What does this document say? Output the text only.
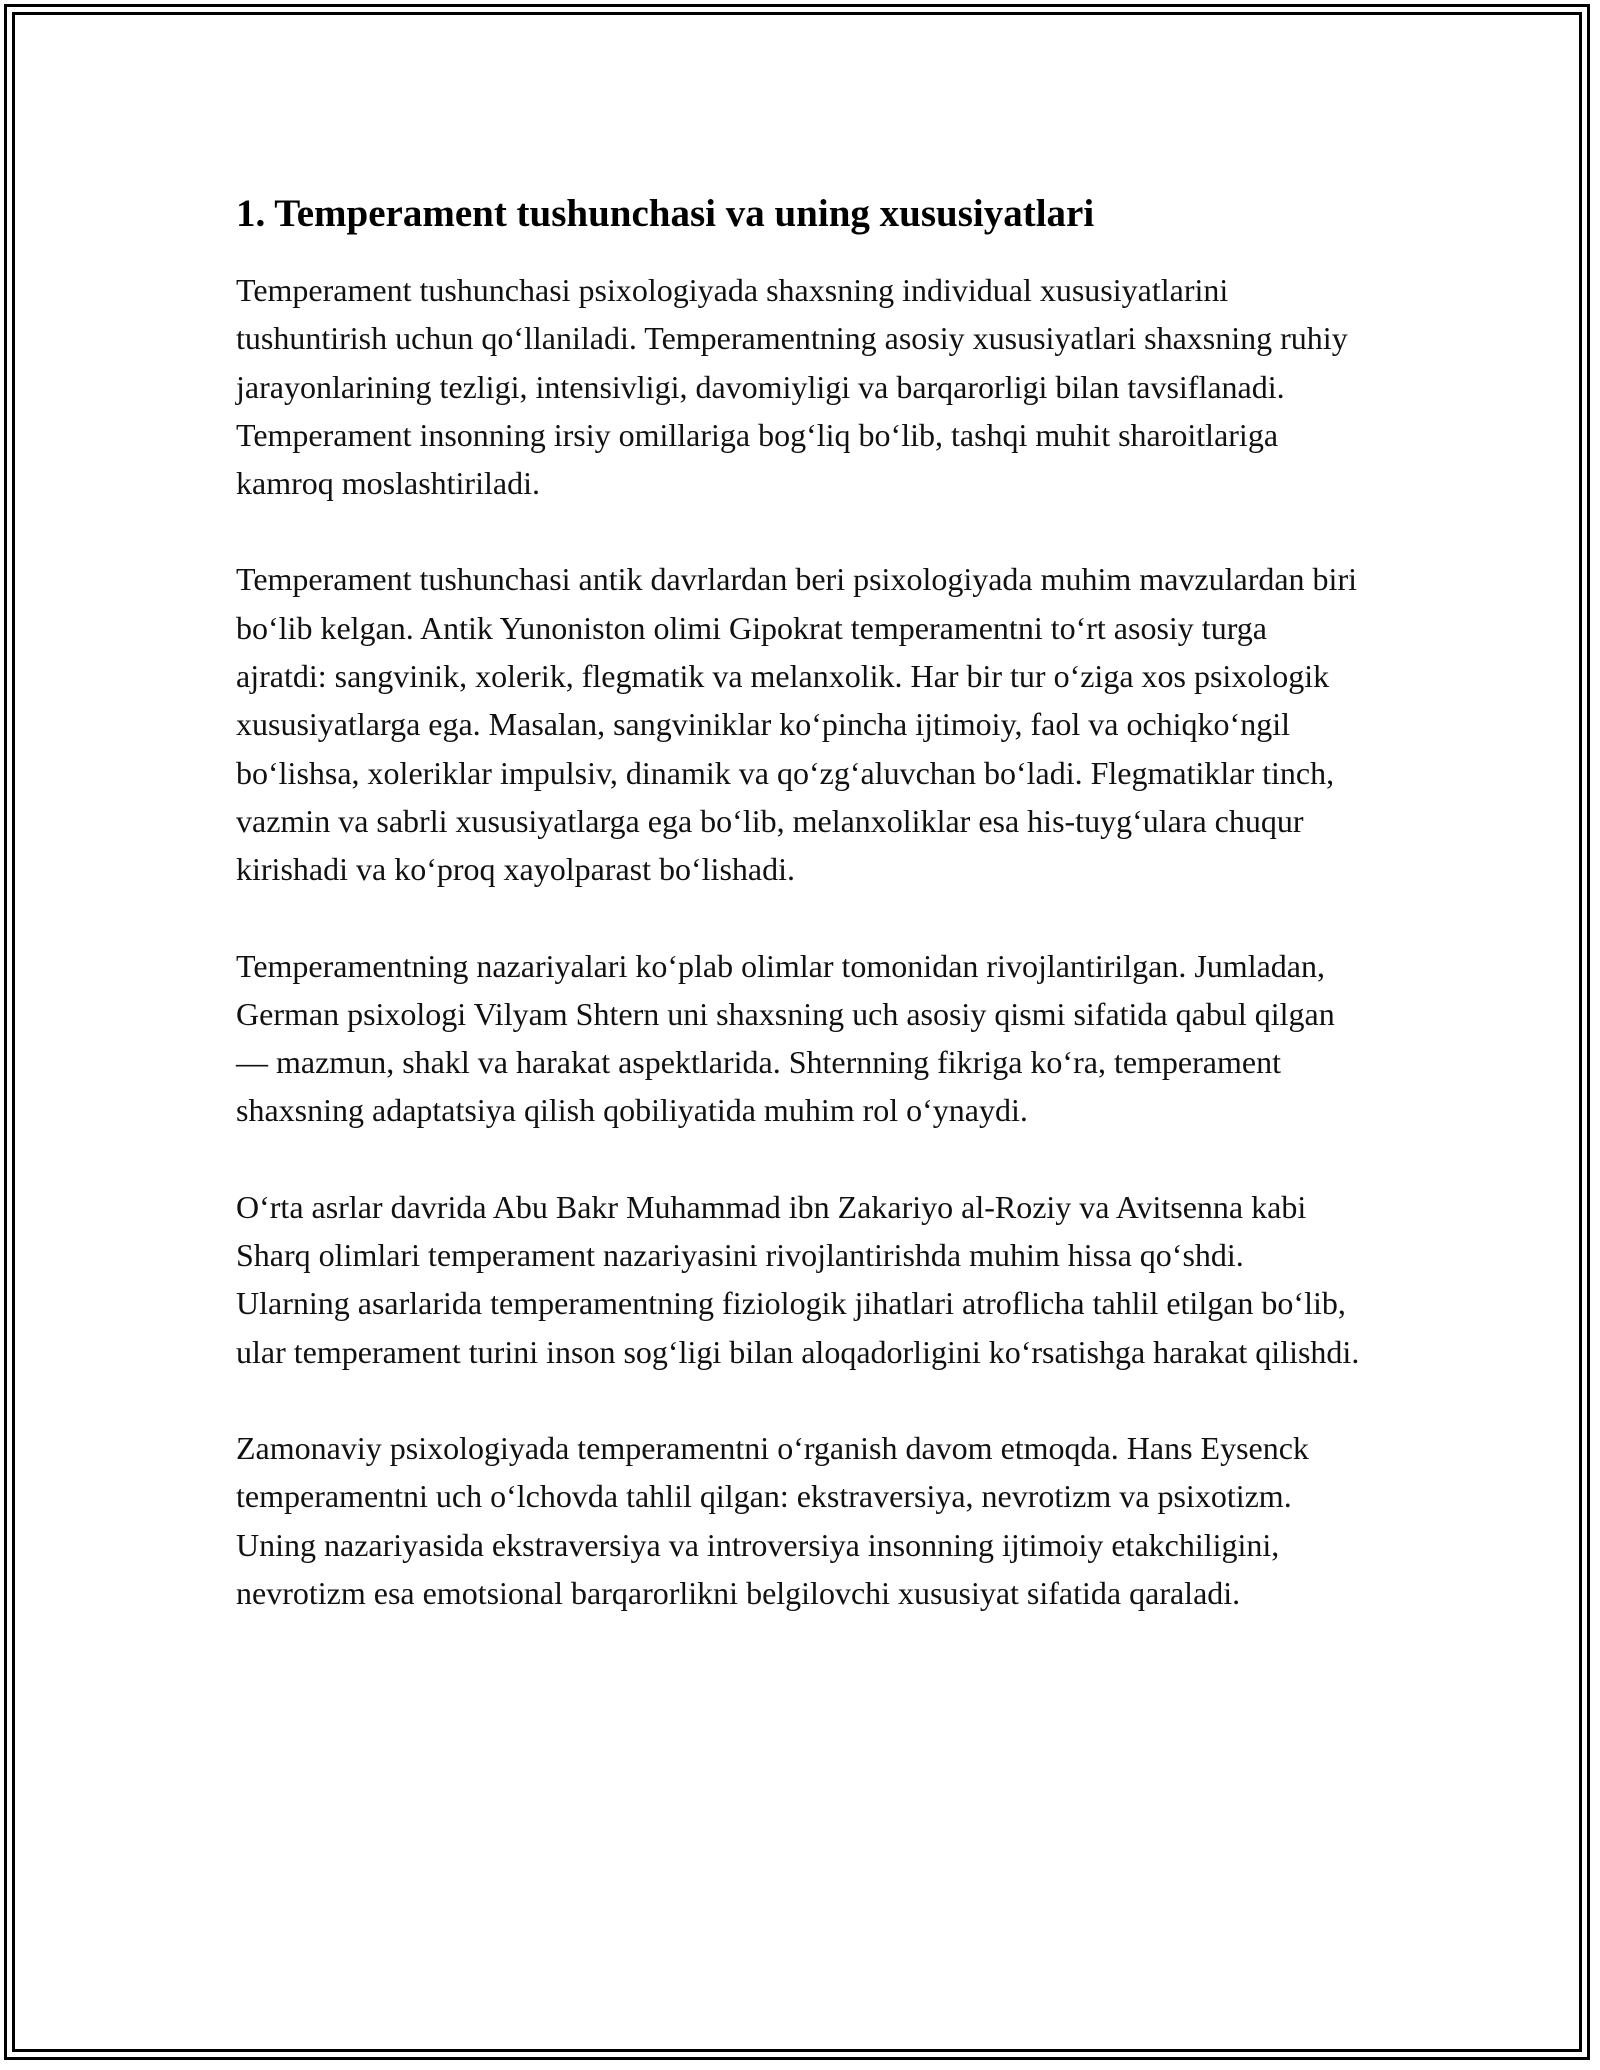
1. Temperament tushunchasi va uning xususiyatlari

Temperament tushunchasi psixologiyada shaxsning individual xususiyatlarini tushuntirish uchun qo‘llaniladi. Temperamentning asosiy xususiyatlari shaxsning ruhiy jarayonlarining tezligi, intensivligi, davomiyligi va barqarorligi bilan tavsiflanadi. Temperament insonning irsiy omillariga bog‘liq bo‘lib, tashqi muhit sharoitlariga kamroq moslashtiriladi.

Temperament tushunchasi antik davrlardan beri psixologiyada muhim mavzulardan biri bo‘lib kelgan. Antik Yunoniston olimi Gipokrat temperamentni to‘rt asosiy turga ajratdi: sangvinik, xolerik, flegmatik va melanxolik. Har bir tur o‘ziga xos psixologik xususiyatlarga ega. Masalan, sangviniklar ko‘pincha ijtimoiy, faol va ochiqko‘ngil bo‘lishsa, xoleriklar impulsiv, dinamik va qo‘zg‘aluvchan bo‘ladi. Flegmatiklar tinch, vazmin va sabrli xususiyatlarga ega bo‘lib, melanxoliklar esa his-tuyg‘ulara chuqur kirishadi va ko‘proq xayolparast bo‘lishadi.

Temperamentning nazariyalari ko‘plab olimlar tomonidan rivojlantirilgan. Jumladan, German psixologi Vilyam Shtern uni shaxsning uch asosiy qismi sifatida qabul qilgan — mazmun, shakl va harakat aspektlarida. Shternning fikriga ko‘ra, temperament shaxsning adaptatsiya qilish qobiliyatida muhim rol o‘ynaydi.

O‘rta asrlar davrida Abu Bakr Muhammad ibn Zakariyo al-Roziy va Avitsenna kabi Sharq olimlari temperament nazariyasini rivojlantirishda muhim hissa qo‘shdi. Ularning asarlarida temperamentning fiziologik jihatlari atroflicha tahlil etilgan bo‘lib, ular temperament turini inson sog‘ligi bilan aloqadorligini ko‘rsatishga harakat qilishdi.

Zamonaviy psixologiyada temperamentni o‘rganish davom etmoqda. Hans Eysenck temperamentni uch o‘lchovda tahlil qilgan: ekstraversiya, nevrotizm va psixotizm. Uning nazariyasida ekstraversiya va introversiya insonning ijtimoiy etakchiligini, nevrotizm esa emotsional barqarorlikni belgilovchi xususiyat sifatida qaraladi.
